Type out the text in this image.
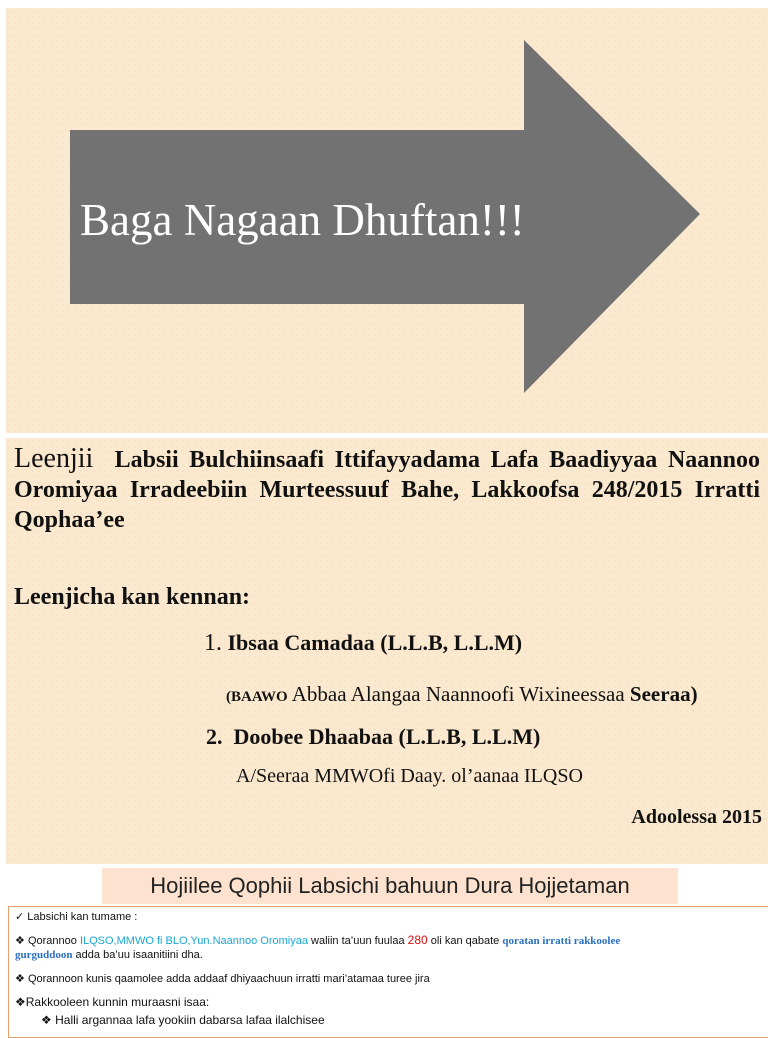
Baga Nagaan Dhuftan!!!
Leenjii Labsii Bulchiinsaafi Ittifayyadama Lafa Baadiyyaa Naannoo Oromiyaa Irradeebiin Murteessuuf Bahe, Lakkoofsa 248/2015 Irratti Qophaa’ee
Leenjicha kan kennan:
1. Ibsaa Camadaa (L.L.B, L.L.M)
(BAAWO Abbaa Alangaa Naannoofi Wixineessaa Seeraa)
2. Doobee Dhaabaa (L.L.B, L.L.M)
A/Seeraa MMWOfi Daay. ol’aanaa ILQSO
Adoolessa 2015
Hojiilee Qophii Labsichi bahuun Dura Hojjetaman
✓ Labsichi kan tumame :
❖ Qorannoo ILQSO,MMWO fi BLO,Yun.Naannoo Oromiyaa waliin ta’uun fuulaa 280 oli kan qabate qoratan irratti rakkoolee
gurguddoon adda ba’uu isaanitiini dha.
❖ Qorannoon kunis qaamolee adda addaaf dhiyaachuun irratti mari’atamaa turee jira
❖Rakkooleen kunnin muraasni isaa:
❖ Halli argannaa lafa yookiin dabarsa lafaa ilalchisee
